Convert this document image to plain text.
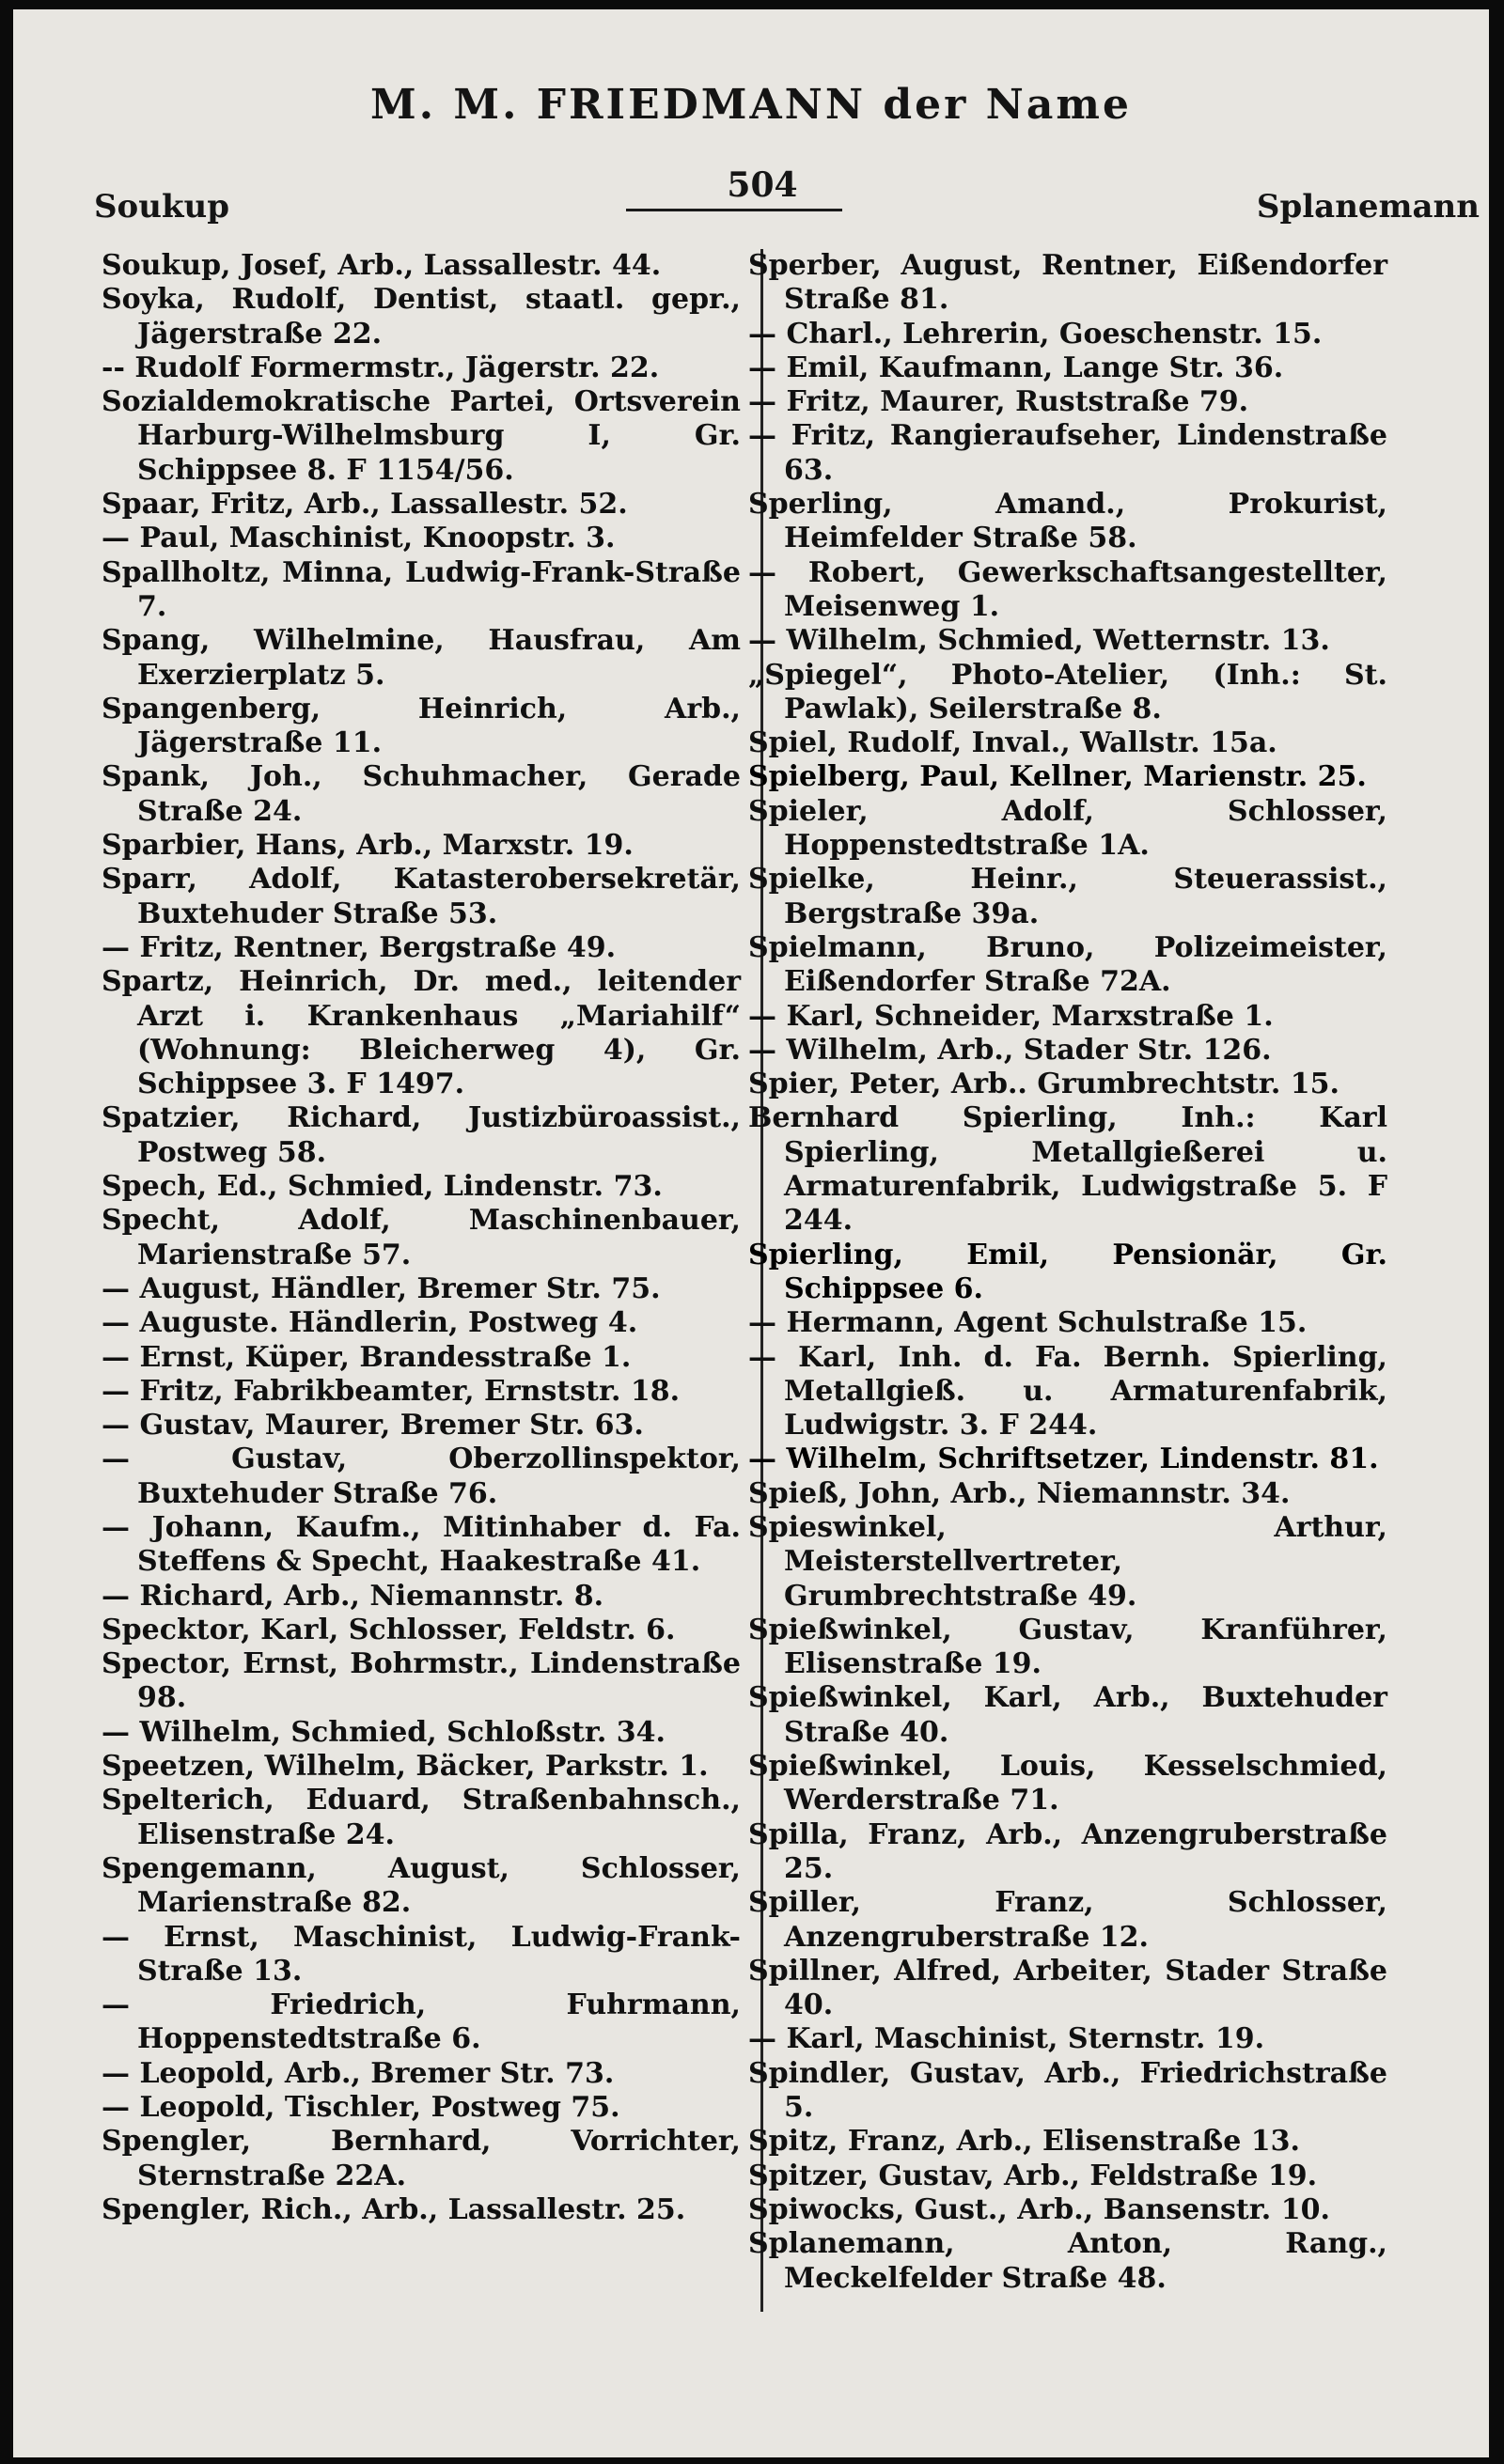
M. M. FRIEDMANN der Name
Soukup
504
Splanemann
Soukup, Josef, Arb., Lassallestr. 44.
Soyka, Rudolf, Dentist, staatl. gepr., Jägerstraße 22.
-- Rudolf Formermstr., Jägerstr. 22.
Sozialdemokratische Partei, Ortsverein Harburg-Wilhelmsburg I, Gr. Schippsee 8. F 1154/56.
Spaar, Fritz, Arb., Lassallestr. 52.
— Paul, Maschinist, Knoopstr. 3.
Spallholtz, Minna, Ludwig-Frank-Straße 7.
Spang, Wilhelmine, Hausfrau, Am Exerzierplatz 5.
Spangenberg, Heinrich, Arb., Jägerstraße 11.
Spank, Joh., Schuhmacher, Gerade Straße 24.
Sparbier, Hans, Arb., Marxstr. 19.
Sparr, Adolf, Katasterobersekretär, Buxtehuder Straße 53.
— Fritz, Rentner, Bergstraße 49.
Spartz, Heinrich, Dr. med., leitender Arzt i. Krankenhaus „Mariahilf“ (Wohnung: Bleicherweg 4), Gr. Schippsee 3. F 1497.
Spatzier, Richard, Justizbüroassist., Postweg 58.
Spech, Ed., Schmied, Lindenstr. 73.
Specht, Adolf, Maschinenbauer, Marienstraße 57.
— August, Händler, Bremer Str. 75.
— Auguste. Händlerin, Postweg 4.
— Ernst, Küper, Brandesstraße 1.
— Fritz, Fabrikbeamter, Ernststr. 18.
— Gustav, Maurer, Bremer Str. 63.
— Gustav, Oberzollinspektor, Buxtehuder Straße 76.
— Johann, Kaufm., Mitinhaber d. Fa. Steffens & Specht, Haakestraße 41.
— Richard, Arb., Niemannstr. 8.
Specktor, Karl, Schlosser, Feldstr. 6.
Spector, Ernst, Bohrmstr., Lindenstraße 98.
— Wilhelm, Schmied, Schloßstr. 34.
Speetzen, Wilhelm, Bäcker, Parkstr. 1.
Spelterich, Eduard, Straßenbahnsch., Elisenstraße 24.
Spengemann, August, Schlosser, Marienstraße 82.
— Ernst, Maschinist, Ludwig-Frank-Straße 13.
— Friedrich, Fuhrmann, Hoppenstedtstraße 6.
— Leopold, Arb., Bremer Str. 73.
— Leopold, Tischler, Postweg 75.
Spengler, Bernhard, Vorrichter, Sternstraße 22A.
Spengler, Rich., Arb., Lassallestr. 25.
Sperber, August, Rentner, Eißendorfer Straße 81.
— Charl., Lehrerin, Goeschenstr. 15.
— Emil, Kaufmann, Lange Str. 36.
— Fritz, Maurer, Ruststraße 79.
— Fritz, Rangieraufseher, Lindenstraße 63.
Sperling, Amand., Prokurist, Heimfelder Straße 58.
— Robert, Gewerkschaftsangestellter, Meisenweg 1.
— Wilhelm, Schmied, Wetternstr. 13.
„Spiegel“, Photo-Atelier, (Inh.: St. Pawlak), Seilerstraße 8.
Spiel, Rudolf, Inval., Wallstr. 15a.
Spielberg, Paul, Kellner, Marienstr. 25.
Spieler, Adolf, Schlosser, Hoppenstedtstraße 1A.
Spielke, Heinr., Steuerassist., Bergstraße 39a.
Spielmann, Bruno, Polizeimeister, Eißendorfer Straße 72A.
— Karl, Schneider, Marxstraße 1.
— Wilhelm, Arb., Stader Str. 126.
Spier, Peter, Arb.. Grumbrechtstr. 15.
Bernhard Spierling, Inh.: Karl Spierling, Metallgießerei u. Armaturenfabrik, Ludwigstraße 5. F 244.
Spierling, Emil, Pensionär, Gr. Schippsee 6.
— Hermann, Agent Schulstraße 15.
— Karl, Inh. d. Fa. Bernh. Spierling, Metallgieß. u. Armaturenfabrik, Ludwigstr. 3. F 244.
— Wilhelm, Schriftsetzer, Lindenstr. 81.
Spieß, John, Arb., Niemannstr. 34.
Spieswinkel, Arthur, Meisterstellvertreter, Grumbrechtstraße 49.
Spießwinkel, Gustav, Kranführer, Elisenstraße 19.
Spießwinkel, Karl, Arb., Buxtehuder Straße 40.
Spießwinkel, Louis, Kesselschmied, Werderstraße 71.
Spilla, Franz, Arb., Anzengruberstraße 25.
Spiller, Franz, Schlosser, Anzengruberstraße 12.
Spillner, Alfred, Arbeiter, Stader Straße 40.
— Karl, Maschinist, Sternstr. 19.
Spindler, Gustav, Arb., Friedrichstraße 5.
Spitz, Franz, Arb., Elisenstraße 13.
Spitzer, Gustav, Arb., Feldstraße 19.
Spiwocks, Gust., Arb., Bansenstr. 10.
Splanemann, Anton, Rang., Meckelfelder Straße 48.
